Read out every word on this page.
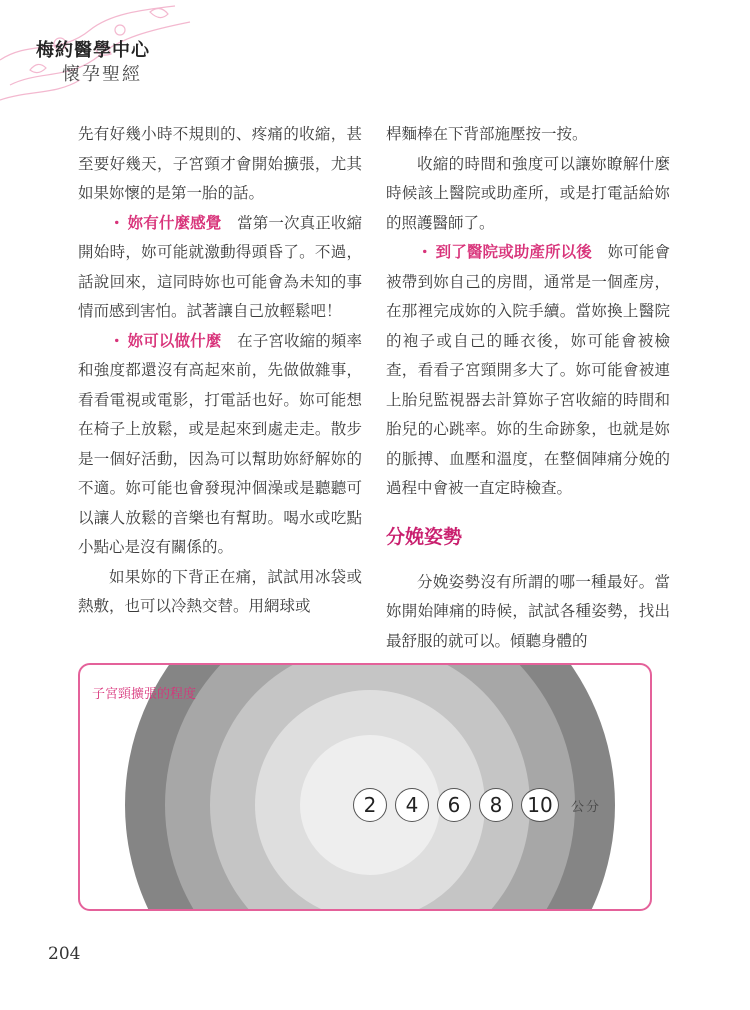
梅約醫學中心
懷孕聖經

先有好幾小時不規則的、疼痛的收縮，甚至要好幾天，子宮頸才會開始擴張，尤其如果妳懷的是第一胎的話。

・ 妳有什麼感覺　 當第一次真正收縮開始時，妳可能就激動得頭昏了。不過，話說回來，這同時妳也可能會為未知的事情而感到害怕。試著讓自己放輕鬆吧！

・ 妳可以做什麼　 在子宮收縮的頻率和強度都還沒有高起來前，先做做雜事，看看電視或電影，打電話也好。妳可能想在椅子上放鬆，或是起來到處走走。散步是一個好活動，因為可以幫助妳紓解妳的不適。妳可能也會發現沖個澡或是聽聽可以讓人放鬆的音樂也有幫助。喝水或吃點小點心是沒有關係的。

如果妳的下背正在痛，試試用冰袋或熱敷，也可以冷熱交替。用網球或

桿麵棒在下背部施壓按一按。

收縮的時間和強度可以讓妳瞭解什麼時候該上醫院或助產所，或是打電話給妳的照護醫師了。

・ 到了醫院或助產所以後　 妳可能會被帶到妳自己的房間，通常是一個產房，在那裡完成妳的入院手續。當妳換上醫院的袍子或自己的睡衣後，妳可能會被檢查，看看子宮頸開多大了。妳可能會被連上胎兒監視器去計算妳子宮收縮的時間和胎兒的心跳率。妳的生命跡象，也就是妳的脈搏、血壓和溫度，在整個陣痛分娩的過程中會被一直定時檢查。

分娩姿勢

分娩姿勢沒有所謂的哪一種最好。當妳開始陣痛的時候，試試各種姿勢，找出最舒服的就可以。傾聽身體的

子宮頸擴張的程度
2	4	6	8	10	公分
204
